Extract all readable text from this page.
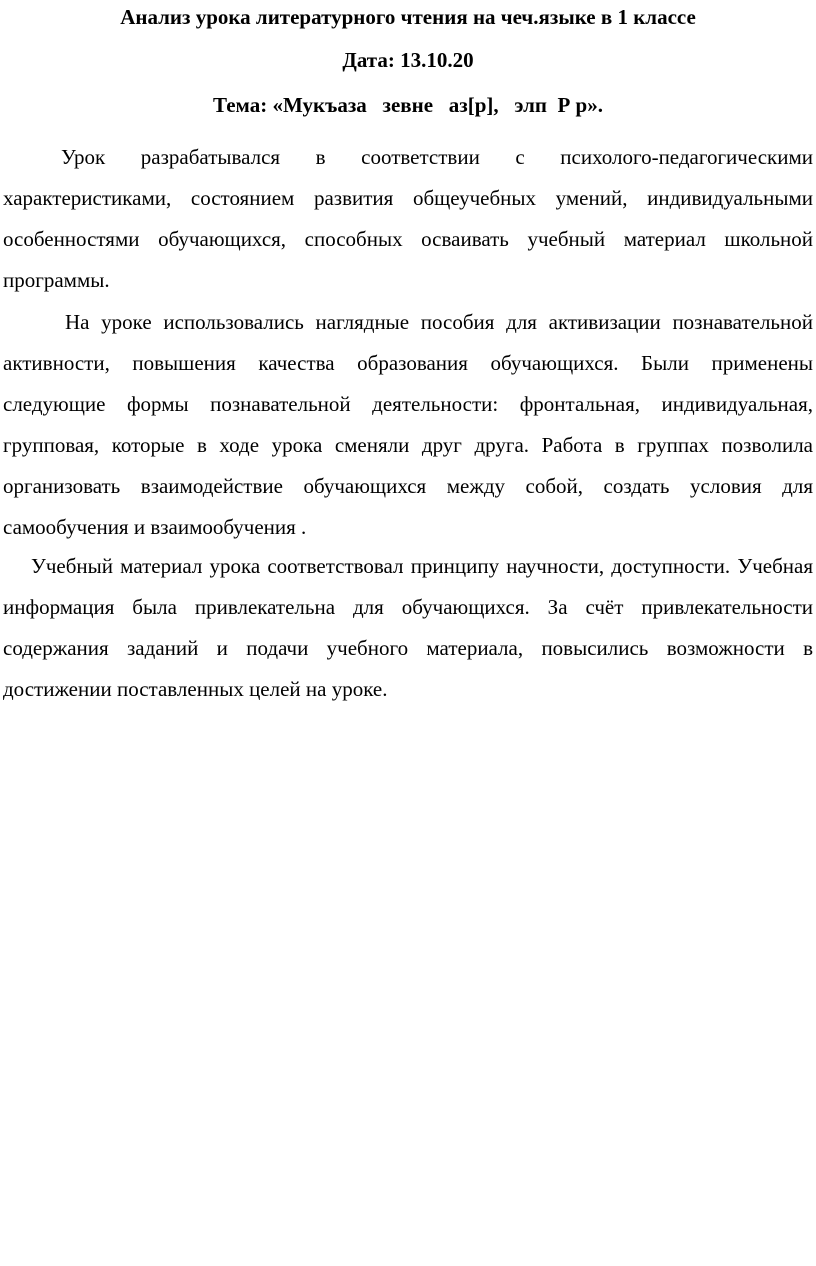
Анализ урока литературного чтения на чеч.языке в 1 классе

Дата: 13.10.20

Тема: «Мукъаза   зевне   аз[р],   элп  Р р».

Урок разрабатывался в соответствии с психолого-педагогическими характеристиками, состоянием развития общеучебных умений, индивидуальными особенностями обучающихся, способных осваивать учебный материал школьной программы.

На уроке использовались наглядные пособия для активизации познавательной активности, повышения качества образования обучающихся. Были применены следующие формы познавательной деятельности: фронтальная, индивидуальная, групповая, которые в ходе урока сменяли друг друга. Работа в группах позволила организовать взаимодействие обучающихся между собой, создать условия для самообучения и взаимообучения .

Учебный материал урока соответствовал принципу научности, доступности. Учебная информация была привлекательна для обучающихся. За счёт привлекательности содержания заданий и подачи учебного материала, повысились возможности в достижении поставленных целей на уроке.
